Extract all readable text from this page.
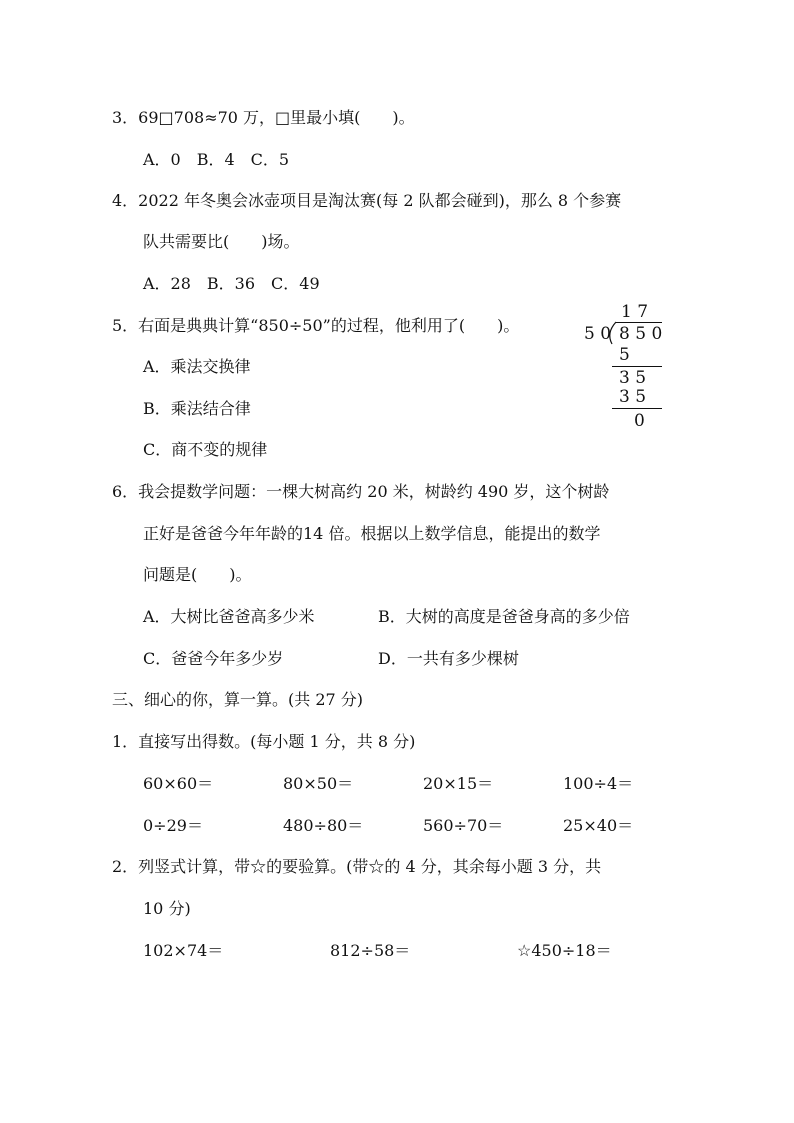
3．69□708≈70 万，□里最小填(　　)。
A．0　B．4　C．5
4．2022 年冬奥会冰壶项目是淘汰赛(每 2 队都会碰到)，那么 8 个参赛
队共需要比(　　)场。
A．28　B．36　C．49
5．右面是典典计算“850÷50”的过程，他利用了(　　)。
A．乘法交换律
B．乘法结合律
C．商不变的规律
1 7
5 0 8 5 0
5
3 5
3 5
0
6．我会提数学问题：一棵大树高约 20 米，树龄约 490 岁，这个树龄
正好是爸爸今年年龄的14 倍。根据以上数学信息，能提出的数学
问题是(　　)。
A．大树比爸爸高多少米	B．大树的高度是爸爸身高的多少倍
C．爸爸今年多少岁	D．一共有多少棵树
三、细心的你，算一算。(共 27 分)
1．直接写出得数。(每小题 1 分，共 8 分)
60×60＝	80×50＝	20×15＝	100÷4＝
0÷29＝	480÷80＝	560÷70＝	25×40＝
2．列竖式计算，带☆的要验算。(带☆的 4 分，其余每小题 3 分，共
10 分)
102×74＝	812÷58＝	☆450÷18＝
